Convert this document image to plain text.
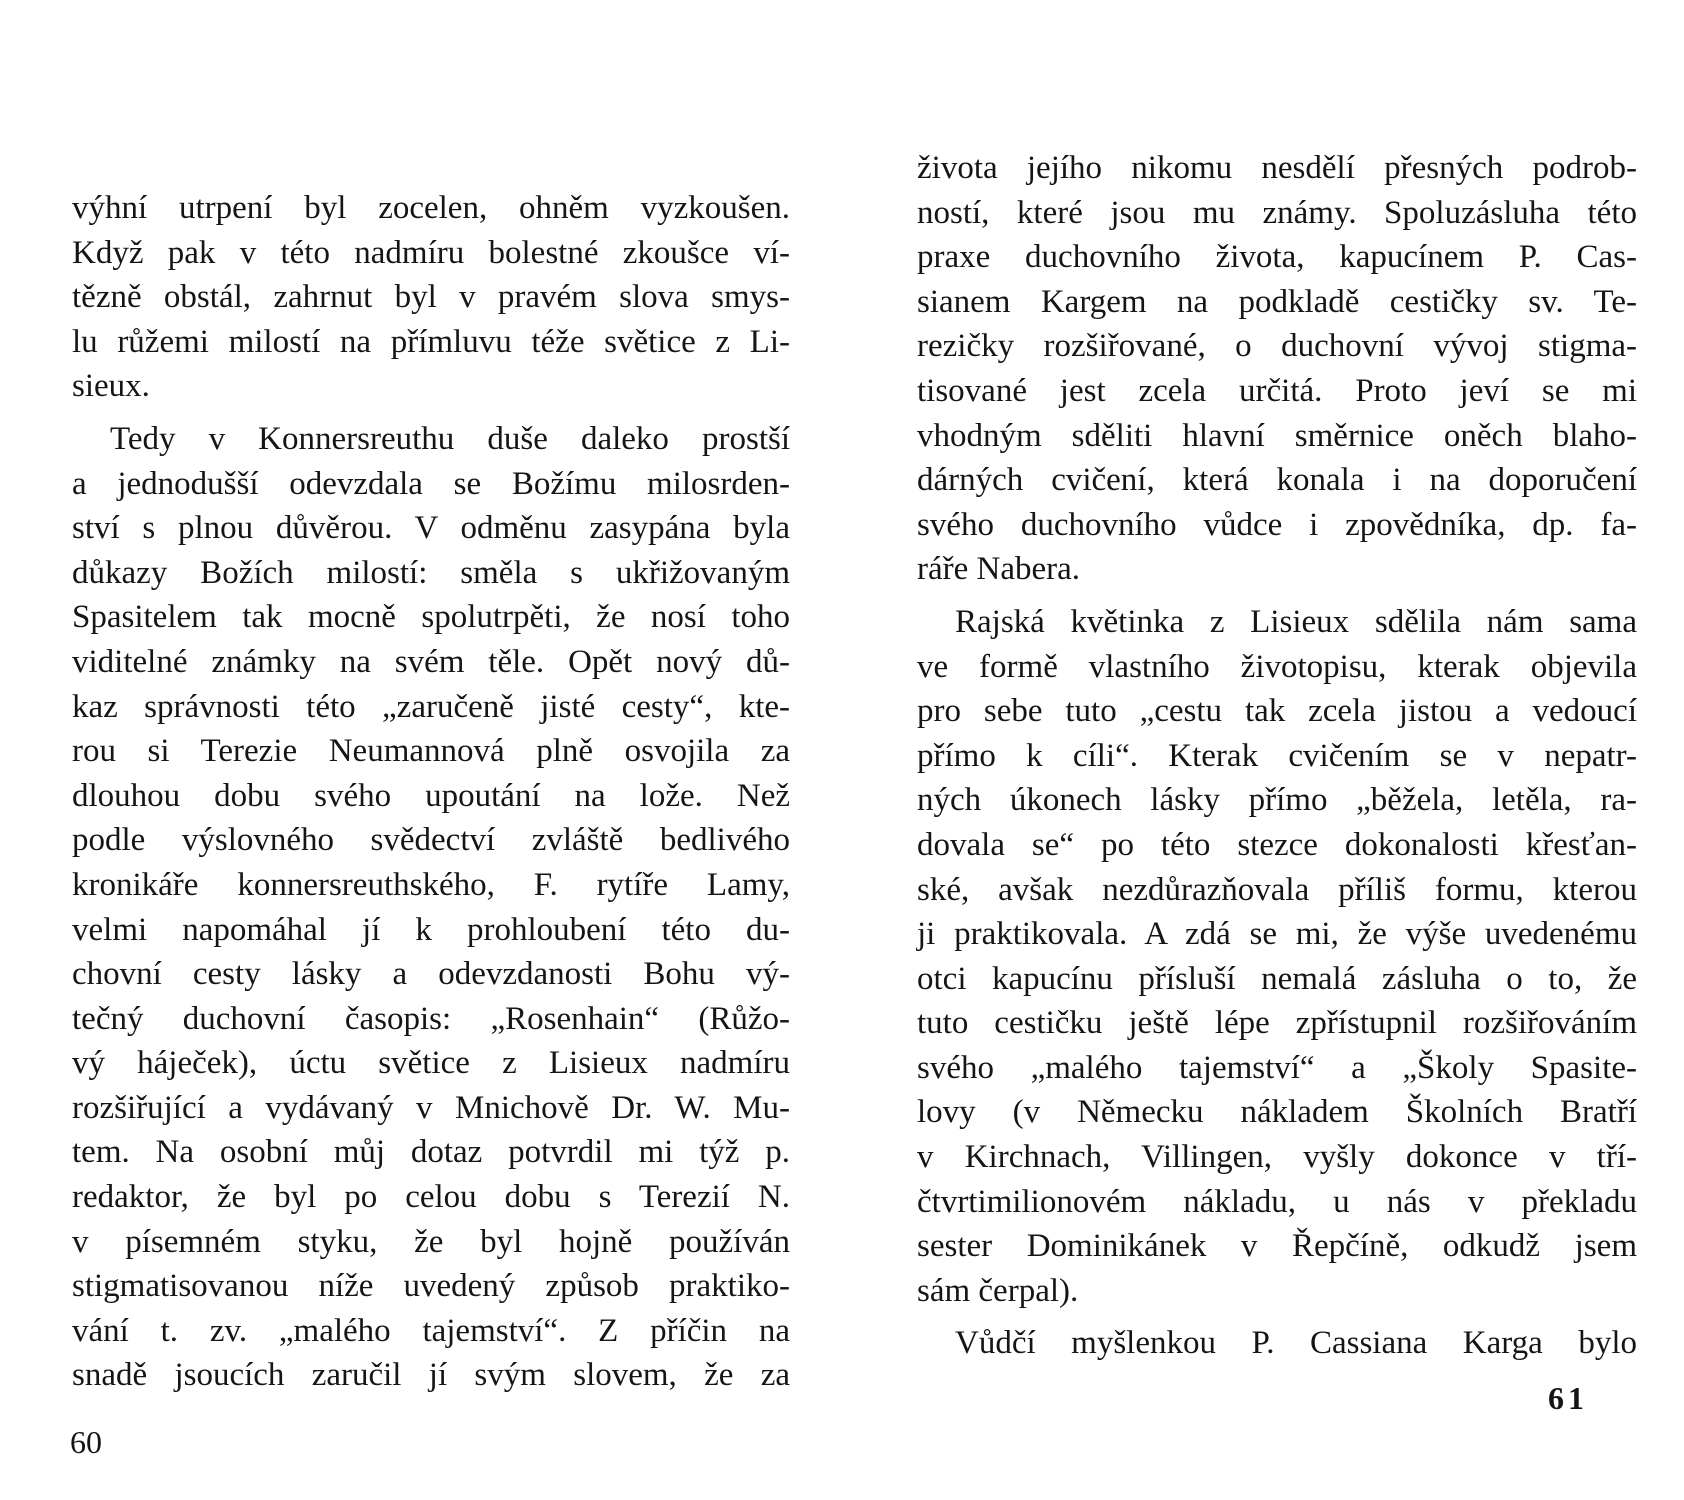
výhní utrpení byl zocelen, ohněm vyzkoušen.
Když pak v této nadmíru bolestné zkoušce ví-
tězně obstál, zahrnut byl v pravém slova smys-
lu růžemi milostí na přímluvu téže světice z Li-
sieux.
Tedy v Konnersreuthu duše daleko prostší
a jednodušší odevzdala se Božímu milosrden-
ství s plnou důvěrou. V odměnu zasypána byla
důkazy Božích milostí: směla s ukřižovaným
Spasitelem tak mocně spolutrpěti, že nosí toho
viditelné známky na svém těle. Opět nový dů-
kaz správnosti této „zaručeně jisté cesty“, kte-
rou si Terezie Neumannová plně osvojila za
dlouhou dobu svého upoutání na lože. Než
podle výslovného svědectví zvláště bedlivého
kronikáře konnersreuthského, F. rytíře Lamy,
velmi napomáhal jí k prohloubení této du-
chovní cesty lásky a odevzdanosti Bohu vý-
tečný duchovní časopis: „Rosenhain“ (Růžo-
vý háječek), úctu světice z Lisieux nadmíru
rozšiřující a vydávaný v Mnichově Dr. W. Mu-
tem. Na osobní můj dotaz potvrdil mi týž p.
redaktor, že byl po celou dobu s Terezií N.
v písemném styku, že byl hojně používán
stigmatisovanou níže uvedený způsob praktiko-
vání t. zv. „malého tajemství“. Z příčin na
snadě jsoucích zaručil jí svým slovem, že za
60
života jejího nikomu nesdělí přesných podrob-
ností, které jsou mu známy. Spoluzásluha této
praxe duchovního života, kapucínem P. Cas-
sianem Kargem na podkladě cestičky sv. Te-
rezičky rozšiřované, o duchovní vývoj stigma-
tisované jest zcela určitá. Proto jeví se mi
vhodným sděliti hlavní směrnice oněch blaho-
dárných cvičení, která konala i na doporučení
svého duchovního vůdce i zpovědníka, dp. fa-
ráře Nabera.
Rajská květinka z Lisieux sdělila nám sama
ve formě vlastního životopisu, kterak objevila
pro sebe tuto „cestu tak zcela jistou a vedoucí
přímo k cíli“. Kterak cvičením se v nepatr-
ných úkonech lásky přímo „běžela, letěla, ra-
dovala se“ po této stezce dokonalosti křesťan-
ské, avšak nezdůrazňovala příliš formu, kterou
ji praktikovala. A zdá se mi, že výše uvedenému
otci kapucínu přísluší nemalá zásluha o to, že
tuto cestičku ještě lépe zpřístupnil rozšiřováním
svého „malého tajemství“ a „Školy Spasite-
lovy (v Německu nákladem Školních Bratří
v Kirchnach, Villingen, vyšly dokonce v tří-
čtvrtimilionovém nákladu, u nás v překladu
sester Dominikánek v Řepčíně, odkudž jsem
sám čerpal).
Vůdčí myšlenkou P. Cassiana Karga bylo
61
